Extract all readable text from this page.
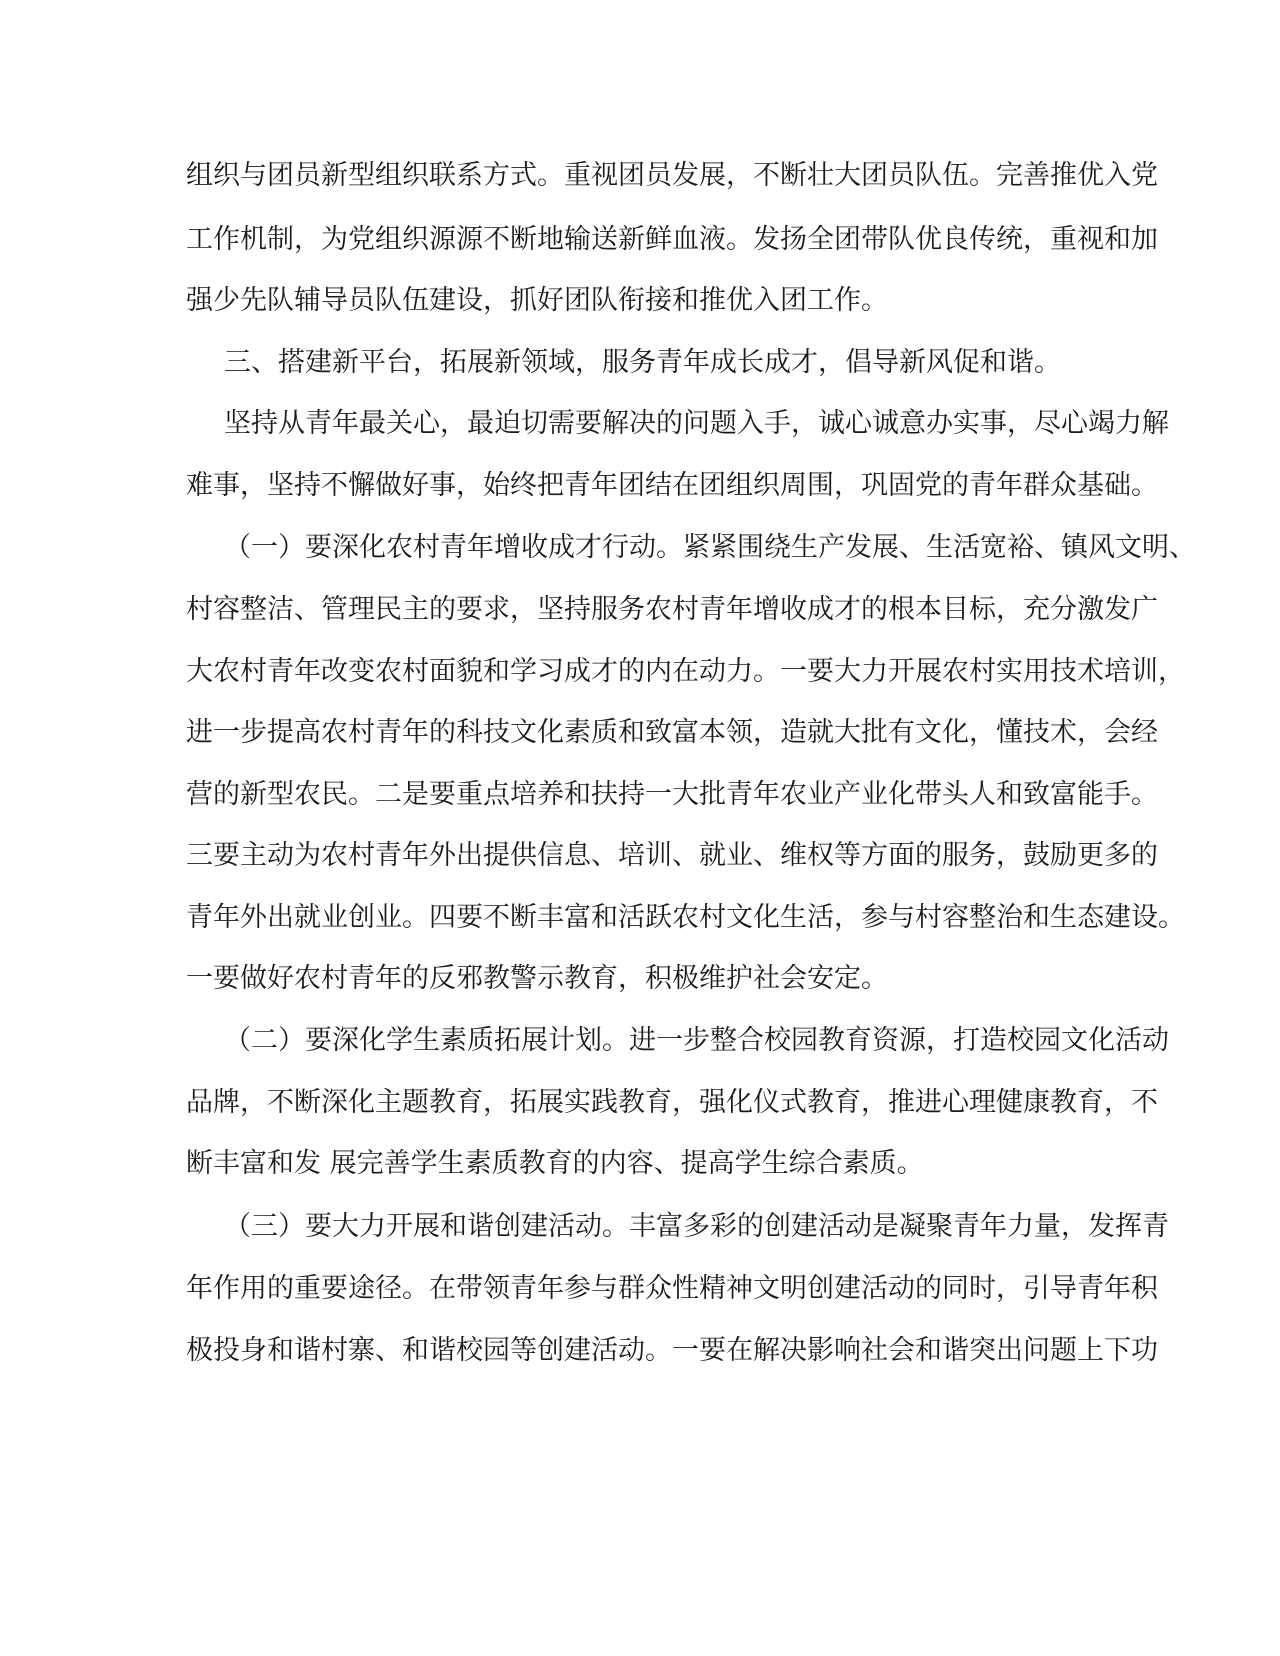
组织与团员新型组织联系方式。重视团员发展，不断壮大团员队伍。完善推优入党
工作机制，为党组织源源不断地输送新鲜血液。发扬全团带队优良传统，重视和加
强少先队辅导员队伍建设，抓好团队衔接和推优入团工作。
三、搭建新平台，拓展新领域，服务青年成长成才，倡导新风促和谐。
坚持从青年最关心，最迫切需要解决的问题入手，诚心诚意办实事，尽心竭力解
难事，坚持不懈做好事，始终把青年团结在团组织周围，巩固党的青年群众基础。
（一）要深化农村青年增收成才行动。紧紧围绕生产发展、生活宽裕、镇风文明、
村容整洁、管理民主的要求，坚持服务农村青年增收成才的根本目标，充分激发广
大农村青年改变农村面貌和学习成才的内在动力。一要大力开展农村实用技术培训，
进一步提高农村青年的科技文化素质和致富本领，造就大批有文化，懂技术，会经
营的新型农民。二是要重点培养和扶持一大批青年农业产业化带头人和致富能手。
三要主动为农村青年外出提供信息、培训、就业、维权等方面的服务，鼓励更多的
青年外出就业创业。四要不断丰富和活跃农村文化生活，参与村容整治和生态建设。
一要做好农村青年的反邪教警示教育，积极维护社会安定。
（二）要深化学生素质拓展计划。进一步整合校园教育资源，打造校园文化活动
品牌，不断深化主题教育，拓展实践教育，强化仪式教育，推进心理健康教育，不
断丰富和发 展完善学生素质教育的内容、提高学生综合素质。
（三）要大力开展和谐创建活动。丰富多彩的创建活动是凝聚青年力量，发挥青
年作用的重要途径。在带领青年参与群众性精神文明创建活动的同时，引导青年积
极投身和谐村寨、和谐校园等创建活动。一要在解决影响社会和谐突出问题上下功
